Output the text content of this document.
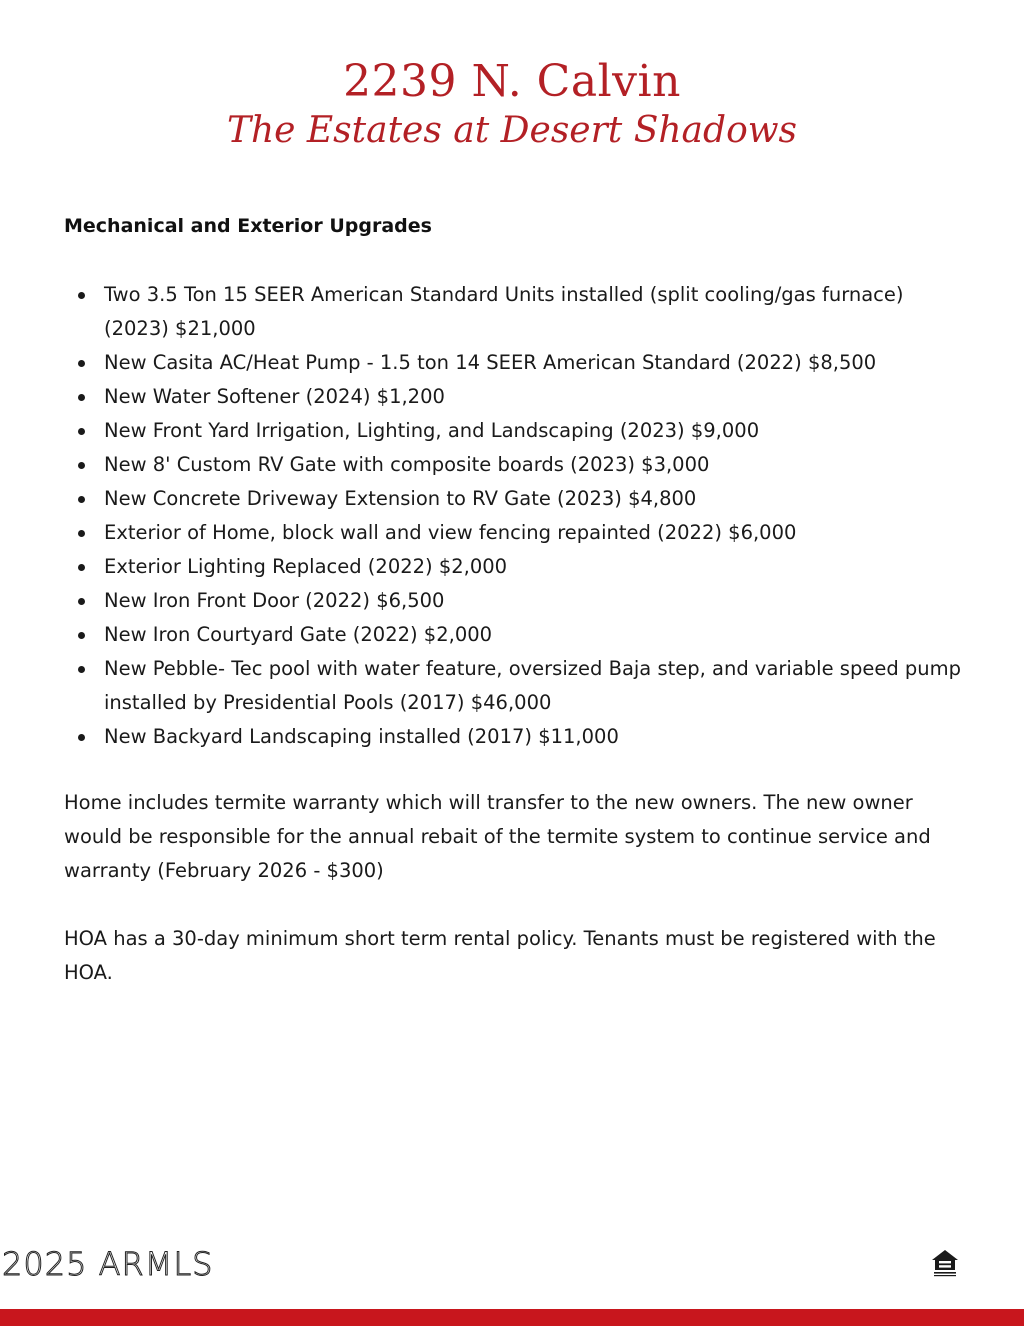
2239 N. Calvin
The Estates at Desert Shadows
Mechanical and Exterior Upgrades
Two 3.5 Ton 15 SEER American Standard Units installed (split cooling/gas furnace) (2023) $21,000
New Casita AC/Heat Pump - 1.5 ton 14 SEER American Standard (2022) $8,500
New Water Softener (2024) $1,200
New Front Yard Irrigation, Lighting, and Landscaping (2023) $9,000
New 8' Custom RV Gate with composite boards (2023) $3,000
New Concrete Driveway Extension to RV Gate (2023) $4,800
Exterior of Home, block wall and view fencing repainted (2022) $6,000
Exterior Lighting Replaced (2022) $2,000
New Iron Front Door (2022) $6,500
New Iron Courtyard Gate (2022) $2,000
New Pebble- Tec pool with water feature, oversized Baja step, and variable speed pump installed by Presidential Pools (2017) $46,000
New Backyard Landscaping installed (2017) $11,000

Home includes termite warranty which will transfer to the new owners. The new owner would be responsible for the annual rebait of the termite system to continue service and warranty (February 2026 - $300)

HOA has a 30-day minimum short term rental policy. Tenants must be registered with the HOA.

2025 ARMLS
